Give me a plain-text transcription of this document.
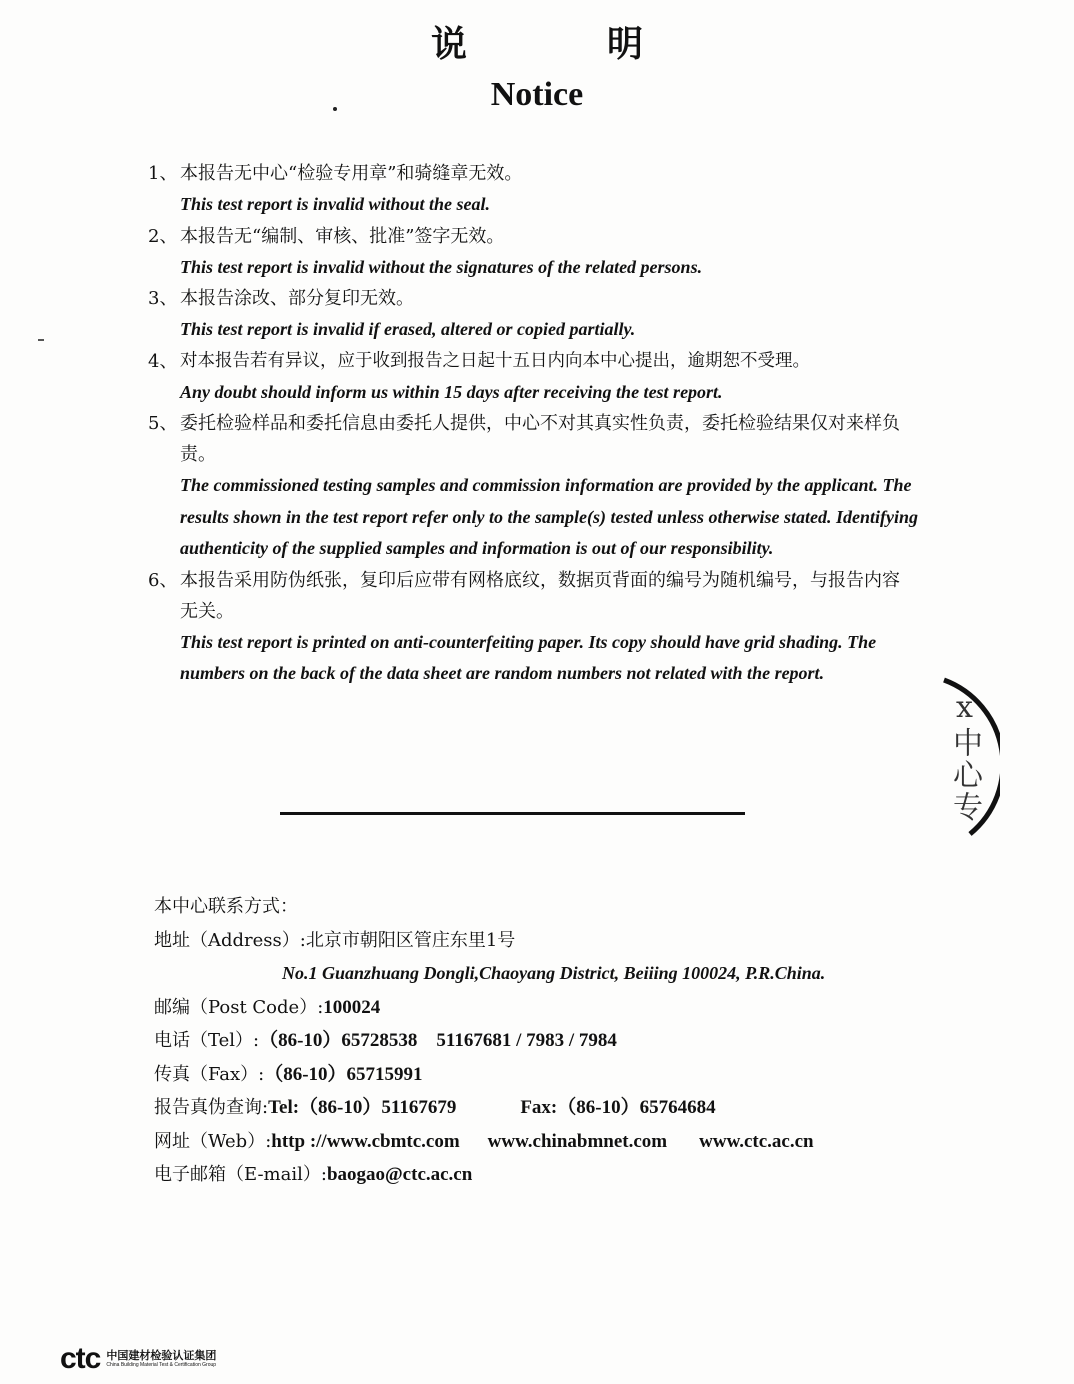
说　明
Notice
1、 本报告无中心“检验专用章”和骑缝章无效。
This test report is invalid without the seal.
2、 本报告无“编制、审核、批准”签字无效。
This test report is invalid without the signatures of the related persons.
3、 本报告涂改、部分复印无效。
This test report is invalid if erased, altered or copied partially.
4、 对本报告若有异议，应于收到报告之日起十五日内向本中心提出，逾期恕不受理。
Any doubt should inform us within 15 days after receiving the test report.
5、 委托检验样品和委托信息由委托人提供，中心不对其真实性负责，委托检验结果仅对来样负责。
The commissioned testing samples and commission information are provided by the applicant. The results shown in the test report refer only to the sample(s) tested unless otherwise stated. Identifying authenticity of the supplied samples and information is out of our responsibility.
6、 本报告采用防伪纸张，复印后应带有网格底纹，数据页背面的编号为随机编号，与报告内容无关。
This test report is printed on anti-counterfeiting paper. Its copy should have grid shading. The numbers on the back of the data sheet are random numbers not related with the report.
ⅹ中心专
本中心联系方式：
地址（Address）:北京市朝阳区管庄东里1号
No.1 Guanzhuang Dongli,Chaoyang District, Beiiing 100024, P.R.China.
邮编（Post Code）:100024
电话（Tel）:（86-10）65728538　51167681 / 7983 / 7984
传真（Fax）:（86-10）65715991
报告真伪查询:Tel:（86-10）51167679	Fax:（86-10）65764684
网址（Web）:http ://www.cbmtc.com www.chinabmnet.com www.ctc.ac.cn
电子邮箱（E-mail）:baogao@ctc.ac.cn
ctc 中国建材检验认证集团
China Building Material Test & Certification Group
